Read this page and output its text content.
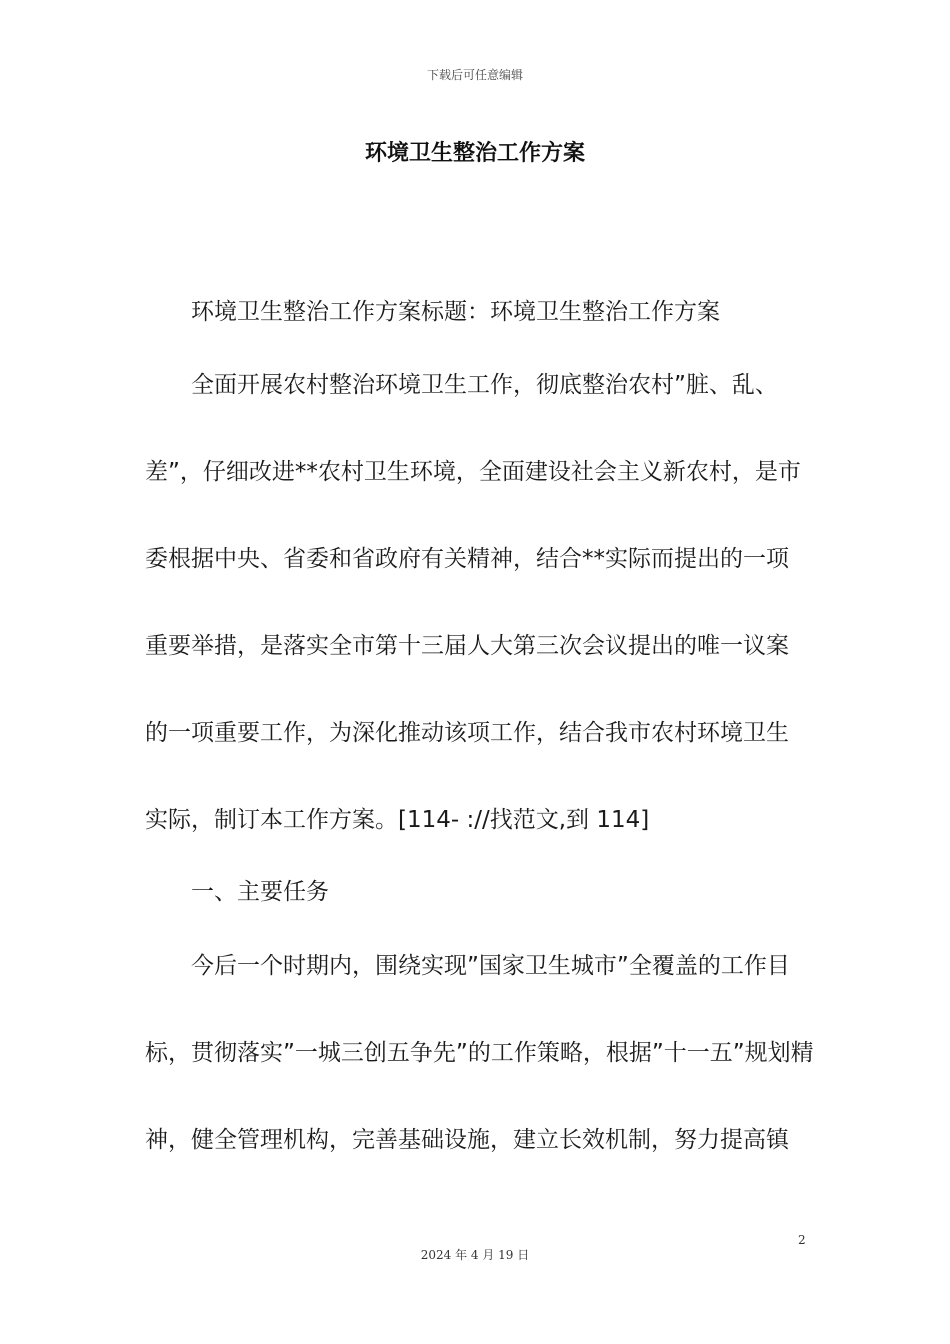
下载后可任意编辑
环境卫生整治工作方案
环境卫生整治工作方案标题：环境卫生整治工作方案
全面开展农村整治环境卫生工作，彻底整治农村”脏、乱、
差”，仔细改进**农村卫生环境，全面建设社会主义新农村，是市
委根据中央、省委和省政府有关精神，结合**实际而提出的一项
重要举措，是落实全市第十三届人大第三次会议提出的唯一议案
的一项重要工作，为深化推动该项工作，结合我市农村环境卫生
实际，制订本工作方案。[114- ://找范文,到 114]
一、主要任务
今后一个时期内，围绕实现”国家卫生城市”全覆盖的工作目
标，贯彻落实”一城三创五争先”的工作策略，根据”十一五”规划精
神，健全管理机构，完善基础设施，建立长效机制，努力提高镇
2
2024 年 4 月 19 日
